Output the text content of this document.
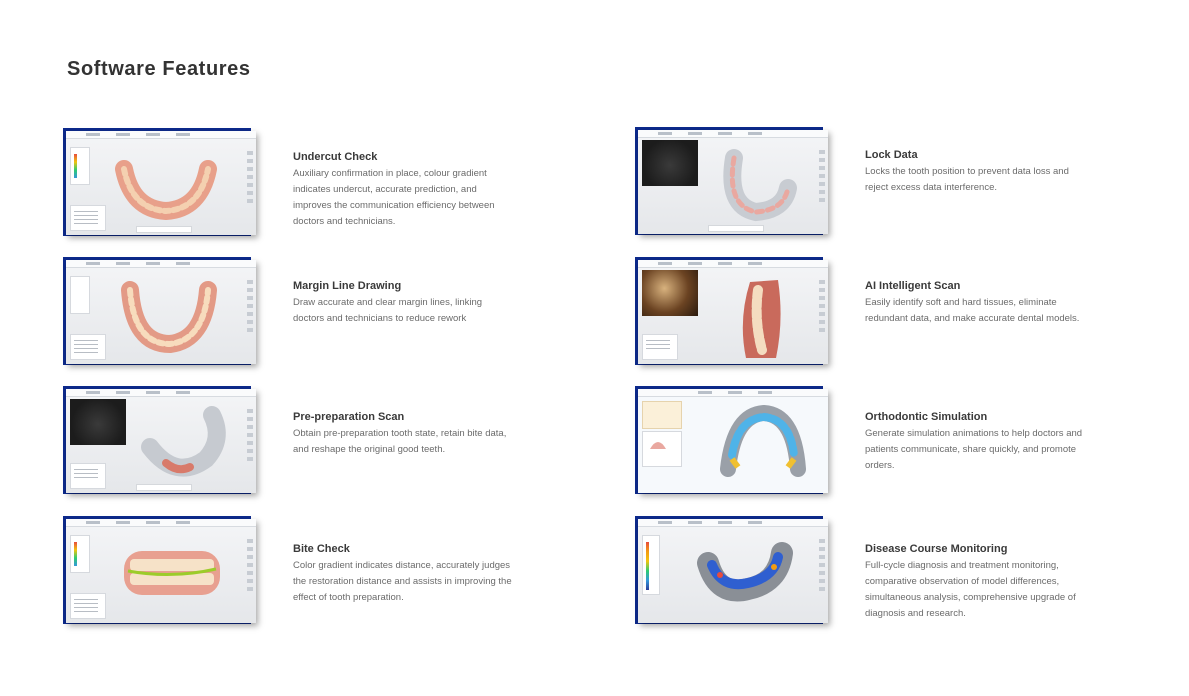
Software Features
Undercut Check

Auxiliary confirmation in place, colour gradient indicates undercut, accurate prediction, and improves the communication efficiency between doctors and technicians.

Lock Data

Locks the tooth position to prevent data loss and reject excess data interference.

Margin Line Drawing

Draw accurate and clear margin lines, linking doctors and technicians to reduce rework

AI Intelligent Scan

Easily identify soft and hard tissues, eliminate redundant data, and make accurate dental models.

Pre-preparation Scan

Obtain pre-preparation tooth state, retain bite data, and reshape the original good teeth.

Orthodontic Simulation

Generate simulation animations to help doctors and patients communicate, share quickly, and promote orders.

Bite Check

Color gradient indicates distance, accurately judges the restoration distance and assists in improving the effect of tooth preparation.

Disease Course Monitoring

Full-cycle diagnosis and treatment monitoring, comparative observation of model differences, simultaneous analysis, comprehensive upgrade of diagnosis and research.
